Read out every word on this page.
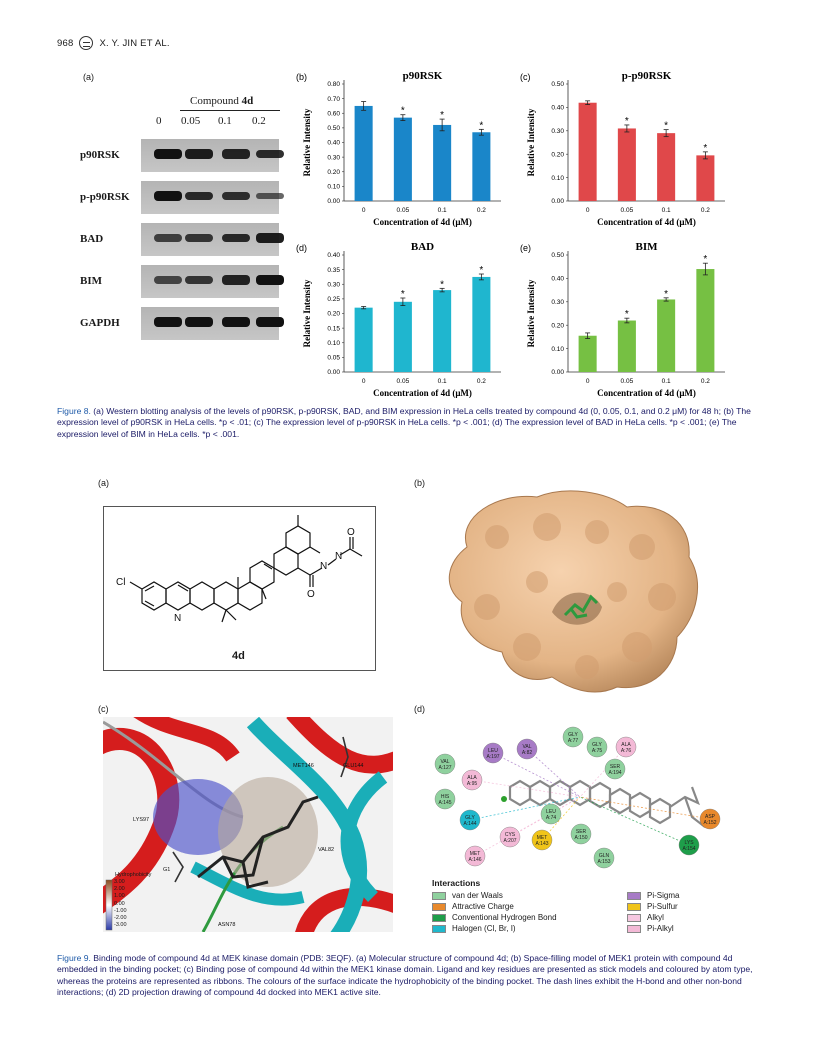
968	X. Y. JIN ET AL.
(a)
Compound 4d
0 0.05 0.1 0.2
p90RSK
p-p90RSK
BAD
BIM
GAPDH
(b)	p90RSK
0.00
0.10
0.20
0.30
0.40
0.50
0.60
0.70
0.80
0
*
0.05
*
0.1
*
0.2
Concentration of 4d (μM)
Relative Intensity
(c)	p-p90RSK
0.00
0.10
0.20
0.30
0.40
0.50
0
*
0.05
*
0.1
*
0.2
Concentration of 4d (μM)
Relative Intensity
(d)	BAD
0.00
0.05
0.10
0.15
0.20
0.25
0.30
0.35
0.40
0
*
0.05
*
0.1
*
0.2
Concentration of 4d (μM)
Relative Intensity
(e)	BIM
0.00
0.10
0.20
0.30
0.40
0.50
0
*
0.05
*
0.1
*
0.2
Concentration of 4d (μM)
Relative Intensity
Figure 8. (a) Western blotting analysis of the levels of p90RSK, p-p90RSK, BAD, and BIM expression in HeLa cells treated by compound 4d (0, 0.05, 0.1, and 0.2 μM) for 48 h; (b) The expression level of p90RSK in HeLa cells. *p < .01; (c) The expression level of p-p90RSK in HeLa cells. *p < .001; (d) The expression level of BAD in HeLa cells. *p < .001; (e) The expression level of BIM in HeLa cells. *p < .001.
(a)	(b)
(c)	(d)
Cl
N
O
N
N
O
4d
Hydrophobicity
3.00
2.00
1.00
0.00
-1.00
-2.00
-3.00
MET146	GLU144
LYS97
VAL82
ASN78
G1
GLY
A:77
VAL
A:82
LEU
A:197
GLY
A:75
ALA
A:76
VAL
A:127	SER
A:194
ALA
A:95
HIS
A:145
LEU
A:74	ASP
A:152
GLY
A:144
CYS
A:207	MET
A:143
SER
A:150
LYS
A:154
GLN
A:153
MET
A:146
Interactions
van der Waals	Pi-Sigma
Attractive Charge	Pi-Sulfur
Conventional Hydrogen Bond	Alkyl
Halogen (Cl, Br, I)	Pi-Alkyl
Figure 9. Binding mode of compound 4d at MEK kinase domain (PDB: 3EQF). (a) Molecular structure of compound 4d; (b) Space-filling model of MEK1 protein with compound 4d embedded in the binding pocket; (c) Binding pose of compound 4d within the MEK1 kinase domain. Ligand and key residues are presented as stick models and coloured by atom type, whereas the proteins are represented as ribbons. The colours of the surface indicate the hydrophobicity of the binding pocket. The dash lines exhibit the H-bond and other non-bond interactions; (d) 2D projection drawing of compound 4d docked into MEK1 active site.
